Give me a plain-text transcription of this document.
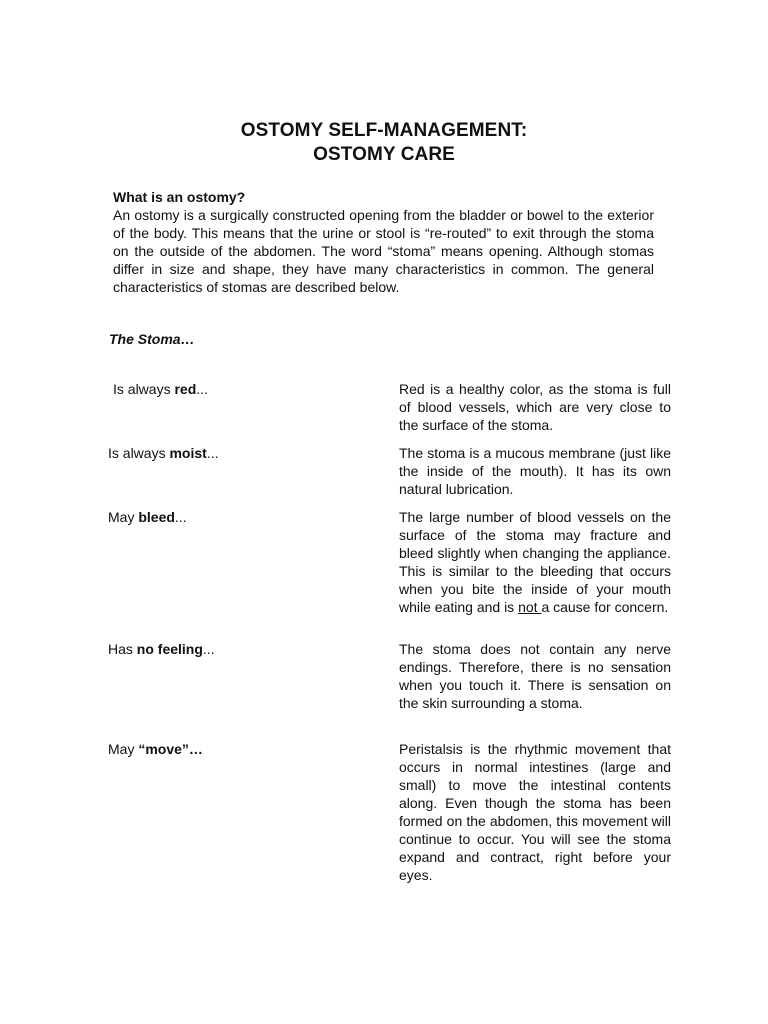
OSTOMY SELF-MANAGEMENT:
OSTOMY CARE

What is an ostomy?

An ostomy is a surgically constructed opening from the bladder or bowel to the exterior of the body. This means that the urine or stool is “re-routed” to exit through the stoma on the outside of the abdomen. The word “stoma” means opening. Although stomas differ in size and shape, they have many characteristics in common. The general characteristics of stomas are described below.

The Stoma…

Is always red...	Red is a healthy color, as the stoma is full of blood vessels, which are very close to the surface of the stoma.

Is always moist...	The stoma is a mucous membrane (just like the inside of the mouth). It has its own natural lubrication.

May bleed...	The large number of blood vessels on the surface of the stoma may fracture and bleed slightly when changing the appliance. This is similar to the bleeding that occurs when you bite the inside of your mouth while eating and is not a cause for concern.

Has no feeling...	The stoma does not contain any nerve endings. Therefore, there is no sensation when you touch it. There is sensation on the skin surrounding a stoma.

May “move”…	Peristalsis is the rhythmic movement that occurs in normal intestines (large and small) to move the intestinal contents along. Even though the stoma has been formed on the abdomen, this movement will continue to occur. You will see the stoma expand and contract, right before your eyes.
